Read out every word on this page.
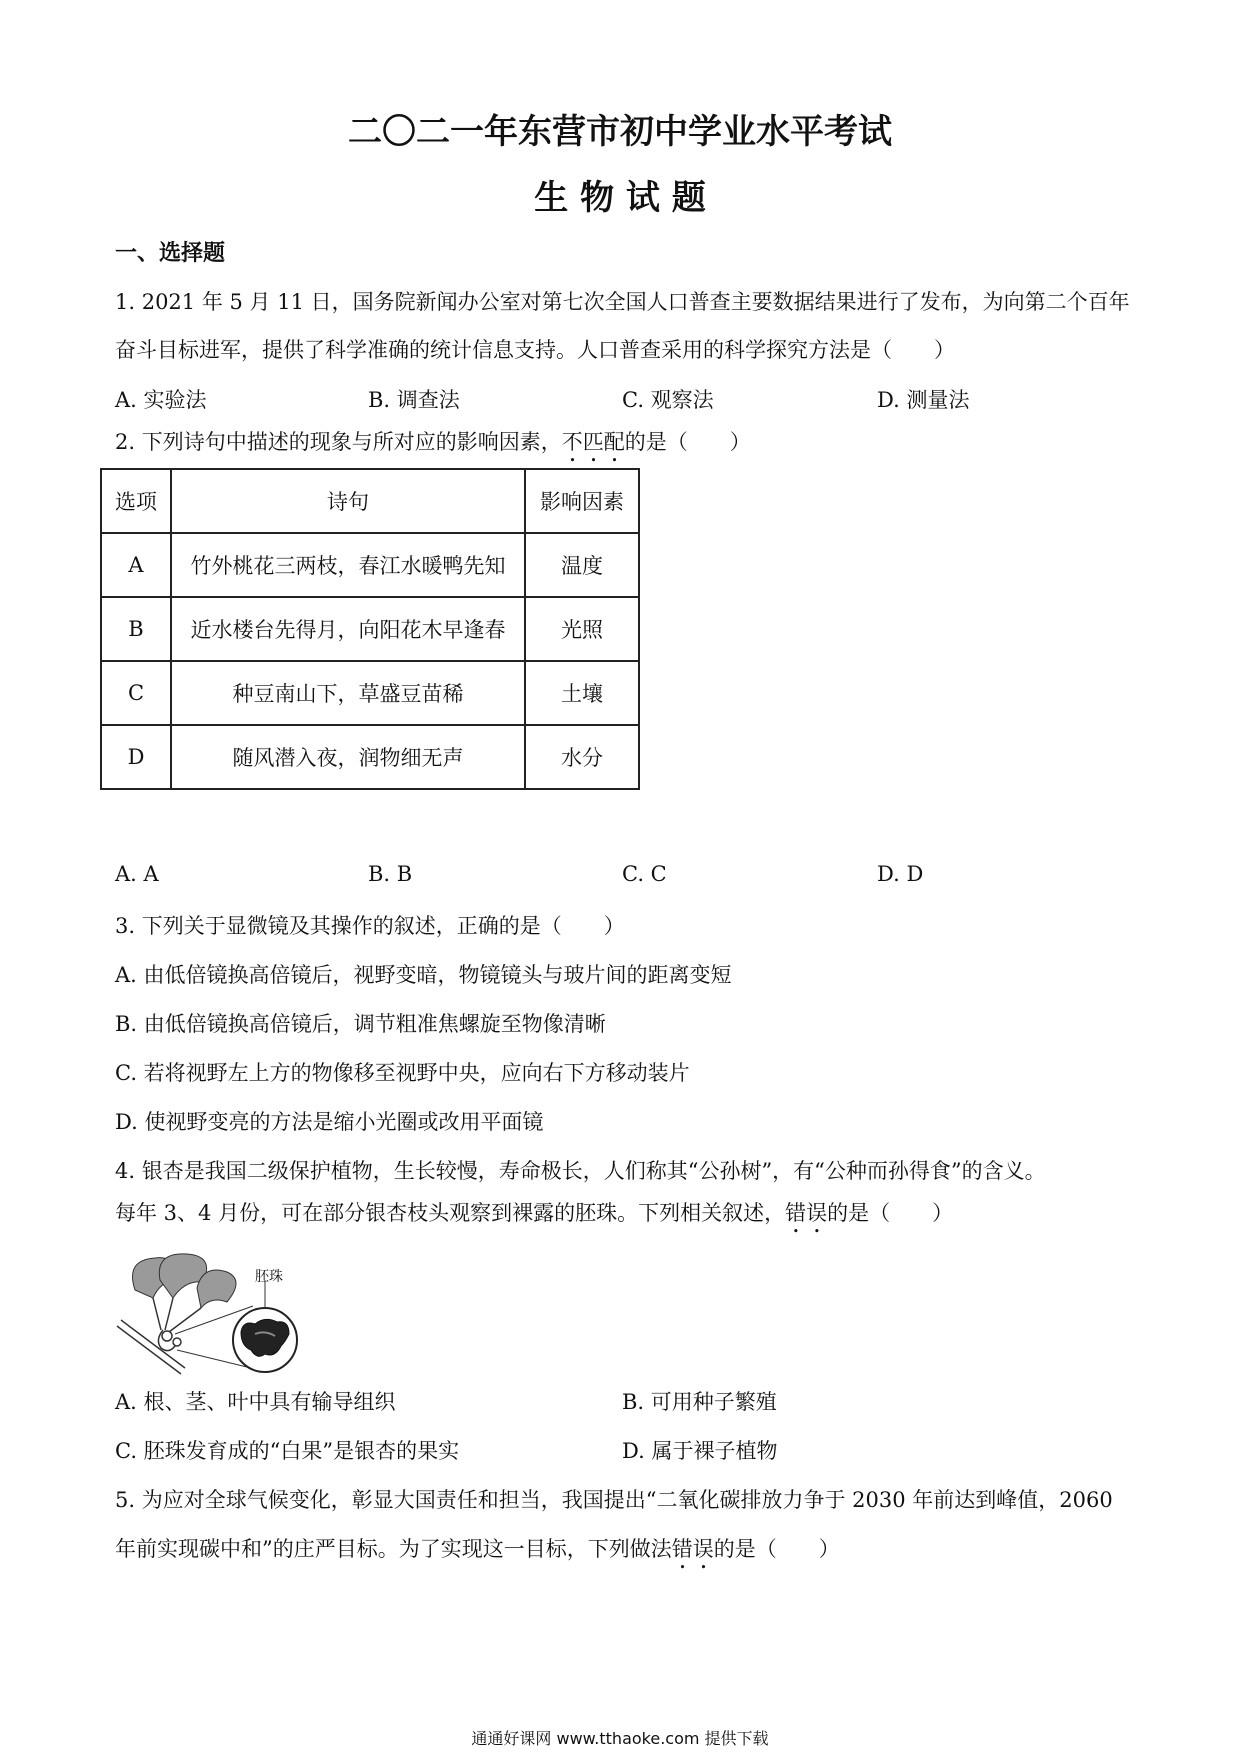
二〇二一年东营市初中学业水平考试
生 物 试 题
一、选择题
1. 2021 年 5 月 11 日，国务院新闻办公室对第七次全国人口普查主要数据结果进行了发布，为向第二个百年
奋斗目标进军，提供了科学准确的统计信息支持。人口普查采用的科学探究方法是（　　）
A. 实验法	B. 调查法	C. 观察法	D. 测量法
2. 下列诗句中描述的现象与所对应的影响因素，不匹配的是（　　）
选项	诗句	影响因素
A	竹外桃花三两枝，春江水暖鸭先知	温度
B	近水楼台先得月，向阳花木早逢春	光照
C	种豆南山下，草盛豆苗稀	土壤
D	随风潜入夜，润物细无声	水分
A. A	B. B	C. C	D. D
3. 下列关于显微镜及其操作的叙述，正确的是（　　）
A. 由低倍镜换高倍镜后，视野变暗，物镜镜头与玻片间的距离变短
B. 由低倍镜换高倍镜后，调节粗准焦螺旋至物像清晰
C. 若将视野左上方的物像移至视野中央，应向右下方移动装片
D. 使视野变亮的方法是缩小光圈或改用平面镜
4. 银杏是我国二级保护植物，生长较慢，寿命极长，人们称其“公孙树”，有“公种而孙得食”的含义。
每年 3、4 月份，可在部分银杏枝头观察到裸露的胚珠。下列相关叙述，错误的是（　　）
胚珠
A. 根、茎、叶中具有输导组织	B. 可用种子繁殖
C. 胚珠发育成的“白果”是银杏的果实	D. 属于裸子植物
5. 为应对全球气候变化，彰显大国责任和担当，我国提出“二氧化碳排放力争于 2030 年前达到峰值，2060
年前实现碳中和”的庄严目标。为了实现这一目标，下列做法错误的是（　　）
通通好课网 www.tthaoke.com 提供下载
